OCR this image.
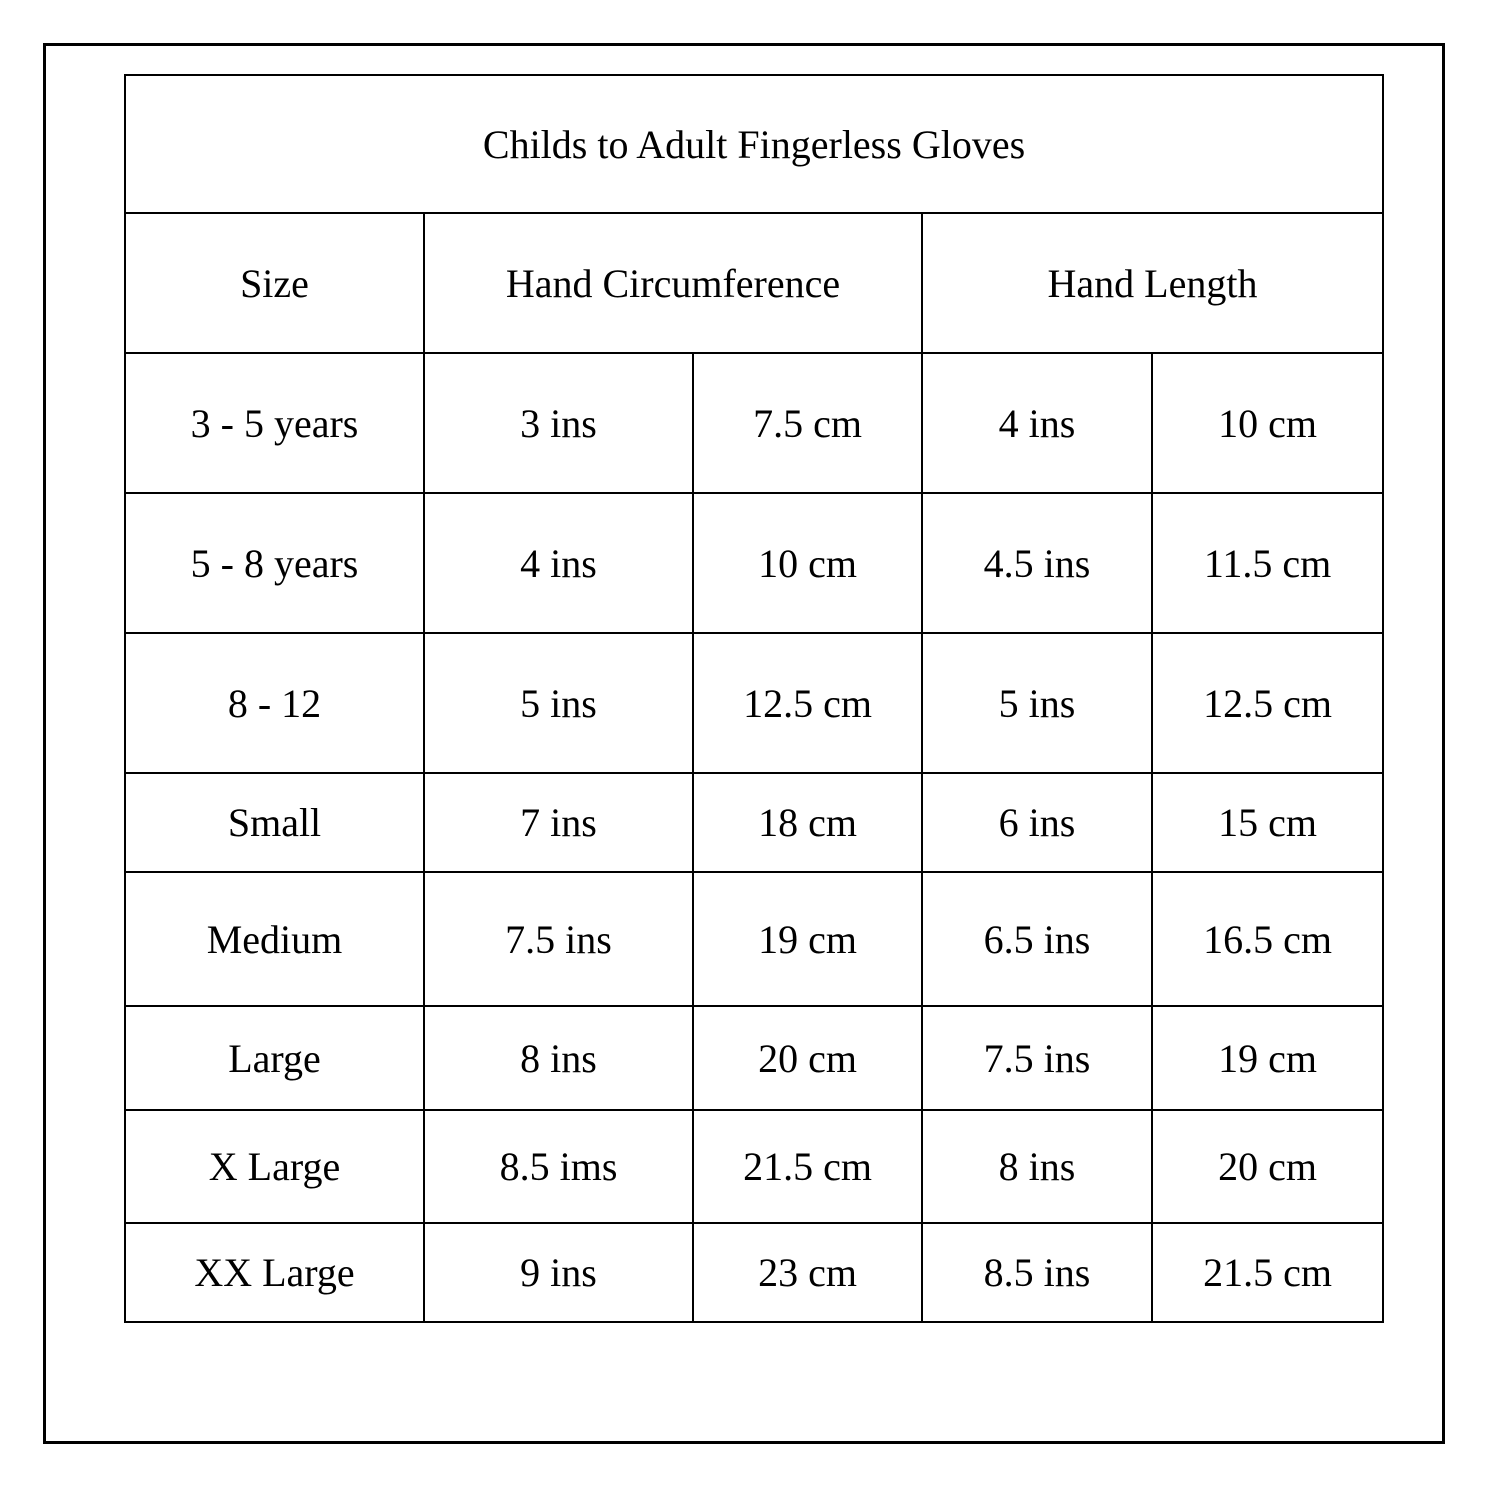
Childs to Adult Fingerless Gloves				
Size	Hand Circumference		Hand Length	
3 - 5 years	3 ins	7.5 cm	4 ins	10 cm
5 - 8 years	4 ins	10 cm	4.5 ins	11.5 cm
8 - 12	5 ins	12.5 cm	5 ins	12.5 cm
Small	7 ins	18 cm	6 ins	15 cm
Medium	7.5 ins	19 cm	6.5 ins	16.5 cm
Large	8 ins	20 cm	7.5 ins	19 cm
X Large	8.5 ims	21.5 cm	8 ins	20 cm
XX Large	9 ins	23 cm	8.5 ins	21.5 cm
